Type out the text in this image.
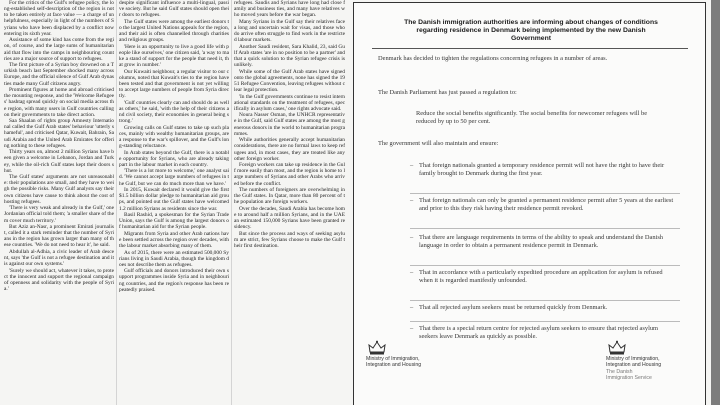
For the critics of the Gulf's refugee policy, the long-established self-description of the region is not to be taken entirely at face value — a charge of unhelpfulness, especially in light of the numbers of Syrians who have been displaced by a conflict now entering its sixth year.

Assistance of some kind has come from the region, of course, and the large sums of humanitarian aid that flow into the camps in neighbouring countries are a major source of support to refugees.

The first picture of a Syrian boy drowned on a Turkish beach last September shocked many across Europe, and the official silence of Gulf Arab dynasties made many Gulf citizens angry.

Prominent figures at home and abroad criticised the mounting response, and the 'Welcome Refugees' hashtag spread quickly on social media across the region, with many users in Gulf countries calling on their governments to take direct action.

Saa Shaalan of rights group Amnesty International called the Gulf Arab states' behaviour 'utterly shameful', and criticised Qatar, Kuwait, Bahrain, Saudi Arabia and the United Arab Emirates for offering nothing to these refugees.

Thirty years on, almost 2 million Syrians have been given a welcome in Lebanon, Jordan and Turkey, while the oil-rich Gulf states kept their doors shut.

The Gulf states' arguments are not unreasonable: their populations are small, and they have to weigh the possible risks. Many Gulf analysts say their own citizens have cause to think about the cost of hosting refugees.

'There is very weak and already in the Gulf,' one Jordanian official told them; 'a smaller share of them cover much territory.'

But Aziz an-Nasr, a prominent Emirati journalist, called it a stark reminder that the number of Syrians in the region has grown larger than many of these countries. 'We do not need to hear it', he said.

Abdullah al-Adhia, a civic leader of Arab descent, says 'the Gulf is not a refugee destination and it is against our own systems.'

'Surely we should act, whatever it takes, to protect the innocent and support the regional campaign of openness and solidarity with the people of Syria.'

despite significant influence a multi-lingual, passive society. But he said Gulf states should open their doors to refugees.

The Gulf states were among the earliest donors to the largest United Nations appeals for the region, and their aid is often channelled through charities and religious groups.

'Here is an opportunity to live a good life with people like ourselves,' one citizen said, 'a way to make a stand of support for the people that need it, that grow in number.'

Our Kuwaiti neighbour, a regular visitor to our columns, noted that Kuwait's ties to the region have been tested and that government is not yet willing to accept large numbers of people from Syria directly.

'Gulf countries clearly can and should do as well as others,' he said, 'with the help of their citizens and civil society, their economies in general being strong.'

Growing calls on Gulf states to take up such places, mainly with wealthy humanitarian groups, are a response to the war's spillover, and the Gulf's long-standing reluctance.

In Arab states beyond the Gulf, there is a notable opportunity for Syrians, who are already taking part in the labour market in each country.

'There is a lot more to welcome,' one analyst said. 'We cannot accept large numbers of refugees in the Gulf, but we can do much more than we have.'

In 2015, Kuwait declared it would give the first $1.5 billion dollar pledge to humanitarian aid groups, and pointed out the Gulf states have welcomed 1.2 million Syrians as residents since the war.

Basil Rashid, a spokesman for the Syrian Trade Union, says the Gulf is among the largest donors of humanitarian aid for the Syrian people.

Migrants from Syria and other Arab nations have been settled across the region over decades, with the labour market absorbing many of them.

As of 2015, there were an estimated 500,000 Syrians living in Saudi Arabia, though the kingdom does not describe them as refugees.

Gulf officials and donors introduced their own support programmes inside Syria and in neighbouring countries, and the region's response has been repeatedly praised.

refugees. Saudis and Syrians have long had close family and business ties, and many have relatives who moved years before the war began.

Many Syrians in the Gulf say their relatives face a long and uncertain wait for visas, and those who do arrive often struggle to find work in the restricted labour markets.

Another Saudi resident, Sara Khalid, 23, said Gulf Arab states 'are in no position to be a partner' and that a quick solution to the Syrian refugee crisis is unlikely.

While some of the Gulf Arab states have signed onto the global agreements, none has signed the 1951 Refugee Convention, leaving refugees without clear legal protection.

'In the Gulf governments continue to resist international standards on the treatment of refugees, specifically in asylum cases,' one rights advocate said.

Noura Nasser Osman, the UNHCR representative in the Gulf, said Gulf states are among the most generous donors in the world to humanitarian programmes.

While authorities generally accept humanitarian considerations, there are no formal laws to keep refugees and, in most cases, they are treated like any other foreign worker.

Foreign workers can take up residence in the Gulf more easily than most, and the region is home to large numbers of Syrians and other Arabs who arrived before the conflict.

The numbers of foreigners are overwhelming in the Gulf states. In Qatar, more than 80 percent of the population are foreign workers.

Over the decades, Saudi Arabia has become home to around half a million Syrians, and in the UAE an estimated 150,000 Syrians have been granted residency.

But since the process and ways of seeking asylum are strict, few Syrians choose to make the Gulf their first destination.

The Danish immigration authorities are informing about changes of conditions regarding residence in Denmark being implemented by the new Danish Government
Denmark has decided to tighten the regulations concerning refugees in a number of areas.
The Danish Parliament has just passed a regulation to:
Reduce the social benefits significantly. The social benefits for newcomer refugees will be reduced by up to 50 per cent.
The government will also maintain and ensure:
– That foreign nationals granted a temporary residence permit will not have the right to have their family brought to Denmark during the first year.
– That foreign nationals can only be granted a permanent residence permit after 5 years at the earliest and prior to this they risk having their residence permit revoked.
– That there are language requirements in terms of the ability to speak and understand the Danish language in order to obtain a permanent residence permit in Denmark.
– That in accordance with a particularly expedited procedure an application for asylum is refused when it is regarded manifestly unfounded.
– That all rejected asylum seekers must be returned quickly from Denmark.
– That there is a special return centre for rejected asylum seekers to ensure that rejected asylum seekers leave Denmark as quickly as possible.
Ministry of Immigration,
Integration and Housing
Ministry of Immigration,
Integration and Housing
The Danish
Immigration Service
